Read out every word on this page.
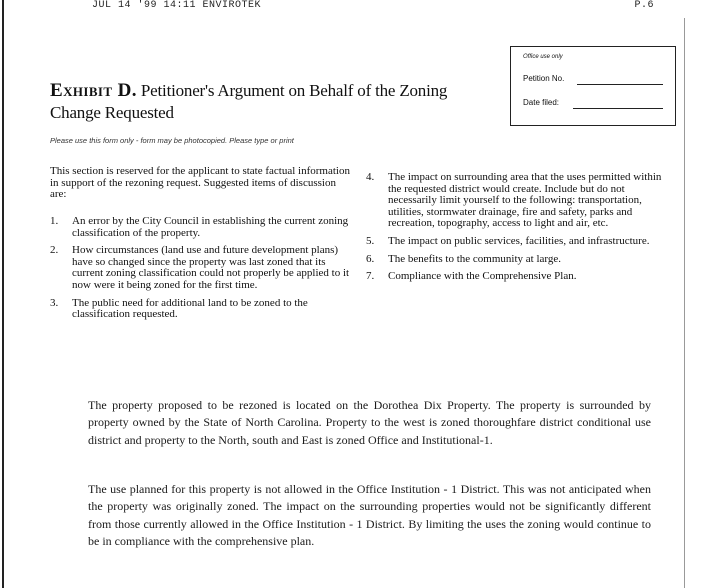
JUL 14 '99 14:11 ENVIROTEK	P.6
Office use only
Petition No.
Date filed:
Exhibit D. Petitioner's Argument on Behalf of the Zoning Change Requested
Please use this form only - form may be photocopied. Please type or print
This section is reserved for the applicant to state factual information in support of the rezoning request. Suggested items of discussion are:
1. An error by the City Council in establishing the current zoning classification of the property.
2. How circumstances (land use and future development plans) have so changed since the property was last zoned that its current zoning classification could not properly be applied to it now were it being zoned for the first time.
3. The public need for additional land to be zoned to the classification requested.
4. The impact on surrounding area that the uses permitted within the requested district would create. Include but do not necessarily limit yourself to the following: transportation, utilities, stormwater drainage, fire and safety, parks and recreation, topography, access to light and air, etc.
5. The impact on public services, facilities, and infrastructure.
6. The benefits to the community at large.
7. Compliance with the Comprehensive Plan.

The property proposed to be rezoned is located on the Dorothea Dix Property. The property is surrounded by property owned by the State of North Carolina. Property to the west is zoned thoroughfare district conditional use district and property to the North, south and East is zoned Office and Institutional-1.

The use planned for this property is not allowed in the Office Institution - 1 District. This was not anticipated when the property was originally zoned. The impact on the surrounding properties would not be significantly different from those currently allowed in the Office Institution - 1 District. By limiting the uses the zoning would continue to be in compliance with the comprehensive plan.
